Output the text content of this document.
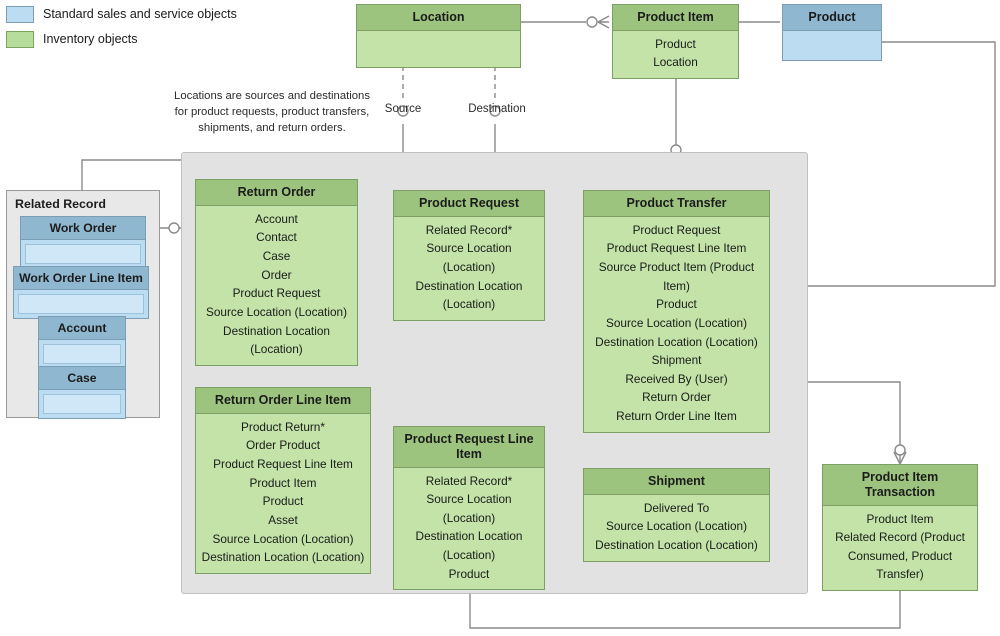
Standard sales and service objects
Inventory objects
Locations are sources and destinations for product requests, product transfers, shipments, and return orders.
Source	Destination
Location	Product Item
Product
Location
Product
Related Record
Work Order
Work Order Line Item
Account
Case
Return Order
Account
Contact
Case
Order
Product Request
Source Location (Location)
Destination Location (Location)
Product Request
Related Record*
Source Location (Location)
Destination Location (Location)
Product Transfer
Product Request
Product Request Line Item
Source Product Item (Product Item)
Product
Source Location (Location)
Destination Location (Location)
Shipment
Received By (User)
Return Order
Return Order Line Item
Return Order Line Item
Product Return*
Order Product
Product Request Line Item
Product Item
Product
Asset
Source Location (Location)
Destination Location (Location)
Product Request Line Item
Related Record*
Source Location (Location)
Destination Location (Location)
Product
Shipment
Delivered To
Source Location (Location)
Destination Location (Location)
Product Item Transaction
Product Item
Related Record (Product Consumed, Product Transfer)
